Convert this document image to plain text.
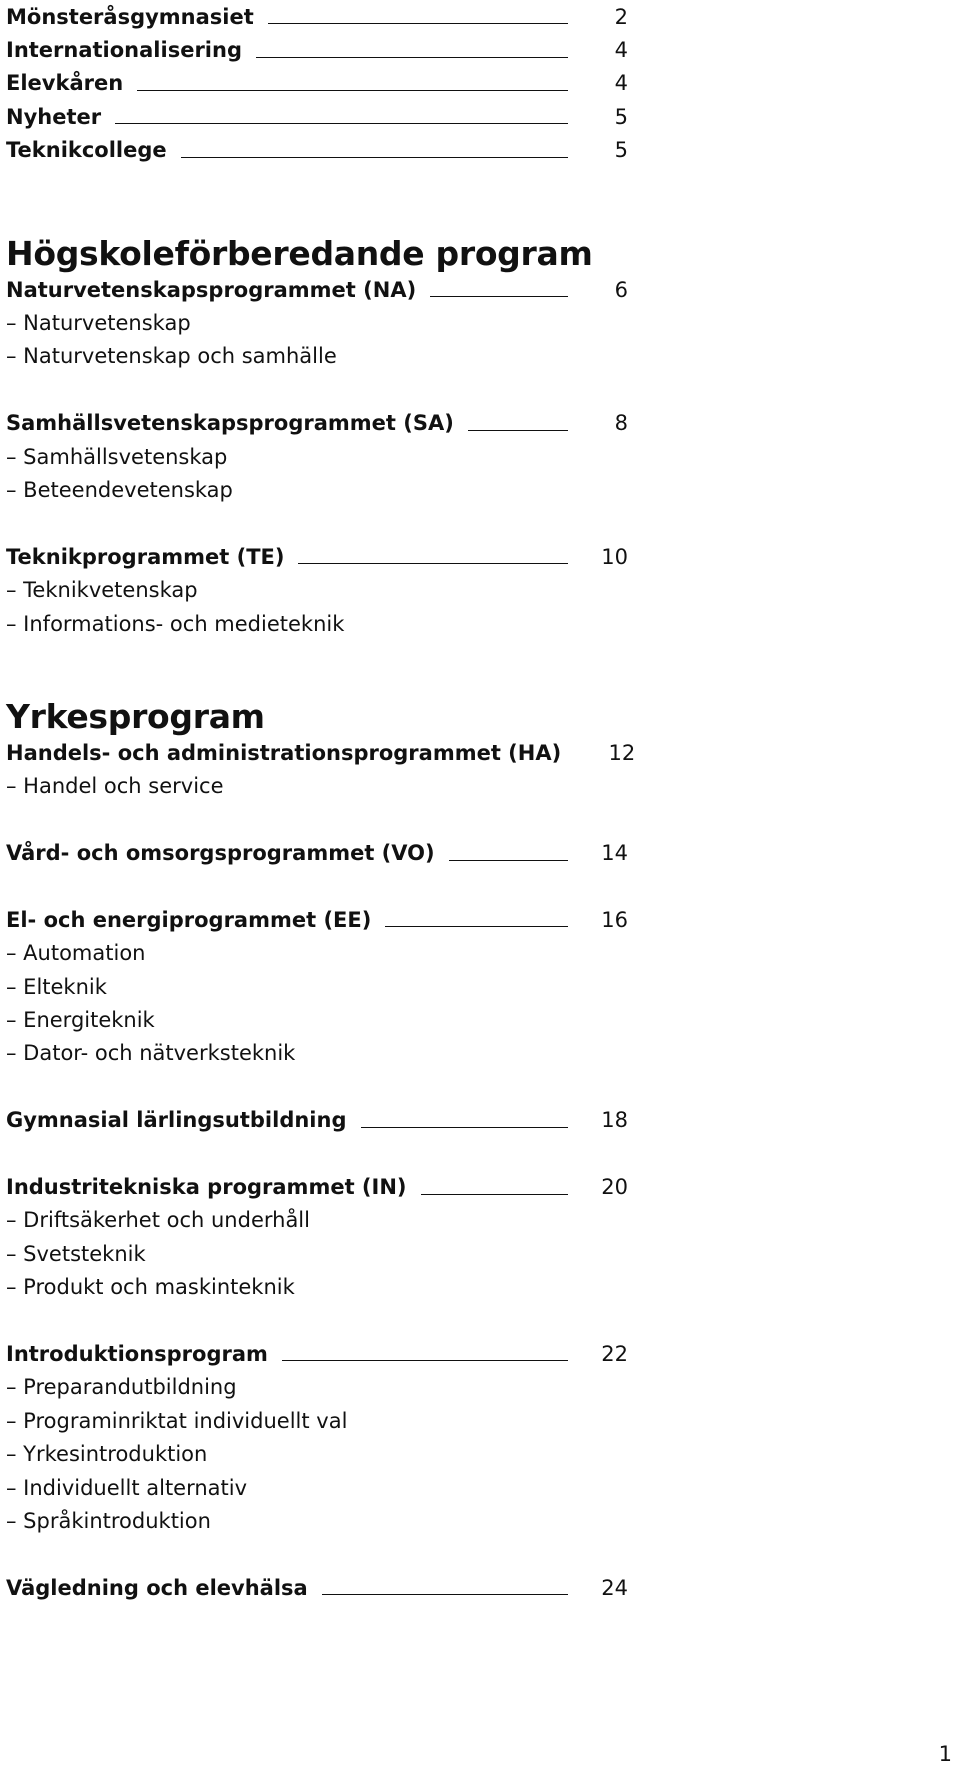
Mönsteråsgymnasiet	2
Internationalisering	4
Elevkåren	4
Nyheter	5
Teknikcollege	5
Högskoleförberedande program
Naturvetenskapsprogrammet (NA)	6
– Naturvetenskap
– Naturvetenskap och samhälle
Samhällsvetenskapsprogrammet (SA)	8
– Samhällsvetenskap
– Beteendevetenskap
Teknikprogrammet (TE)	10
– Teknikvetenskap
– Informations- och medieteknik
Yrkesprogram
Handels- och administrationsprogrammet (HA) 12
– Handel och service
Vård- och omsorgsprogrammet (VO)	14
El- och energiprogrammet (EE)	16
– Automation
– Elteknik
– Energiteknik
– Dator- och nätverksteknik
Gymnasial lärlingsutbildning	18
Industritekniska programmet (IN)	20
– Driftsäkerhet och underhåll
– Svetsteknik
– Produkt och maskinteknik
Introduktionsprogram	22
– Preparandutbildning
– Programinriktat individuellt val
– Yrkesintroduktion
– Individuellt alternativ
– Språkintroduktion
Vägledning och elevhälsa	24
1
